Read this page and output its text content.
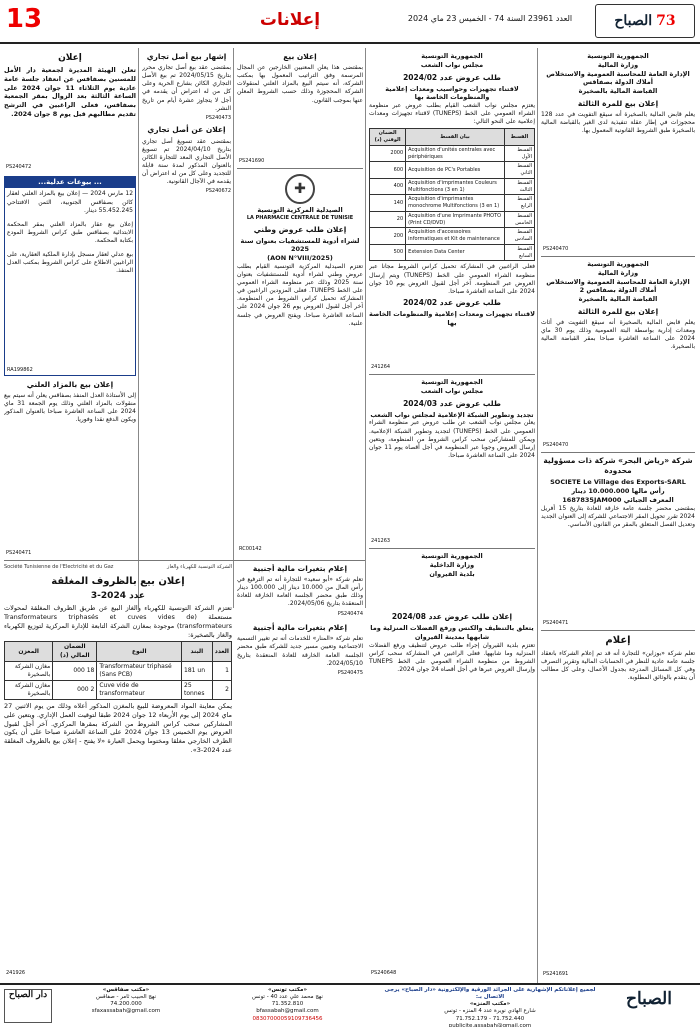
13	إعلانات	العدد 23961 السنة 74 - الخميس 23 ماي 2024	الصباح 73
الجمهورية التونسية
وزارة المالية
الإدارة العامة للمحاسبة العمومية والاستخلاص
أملاك الدولة بصفاقس
القباضة المالية بالصخيرة
إعلان بيع للمرة الثالثة

يعلم قابض المالية بالصخيرة أنه سيقع التفويت في عدد 128 محجوزات في إطار عقلة تنفيذية لدى الغير بالقباضة المالية بالصخيرة طبق الشروط القانونية المعمول بها.

PS240470
الجمهورية التونسية
وزارة المالية
الإدارة العامة للمحاسبة العمومية والاستخلاص
أملاك الدولة بصفاقس 2
القباضة المالية بالصخيرة
إعلان بيع للمرة الثالثة

يعلم قابض المالية بالصخيرة أنه سيقع التفويت في أثاث ومعدات إدارية بواسطة البتة العمومية وذلك يوم 30 ماي 2024 على الساعة العاشرة صباحا بمقر القباضة المالية بالصخيرة.

PS240470
شركة «رياض البحر» شركة ذات مسؤولية محدودة
SOCIETE Le Village des Exports-SARL
رأس مالها 10.000.000 دينار
المعرف الجبائي 1687835JAM000

بمقتضى محضر جلسة عامة خارقة للعادة بتاريخ 15 أفريل 2024 تقرر تحويل المقر الاجتماعي للشركة إلى العنوان الجديد وتعديل الفصل المتعلق بالمقر من القانون الأساسي.

PS240471
إعلام

تعلم شركة «بوزاين» للتجارة أنه قد تم إعلام الشركاء بانعقاد جلسة عامة عادية للنظر في الحسابات المالية وتقرير التصرف وفي كل المسائل المدرجة بجدول الأعمال، وعلى كل مطالب أن يتقدم بالوثائق المطلوبة.

PS241691
الجمهورية التونسية
مجلس نواب الشعب
طلب عروض عدد 2024/02
لاقتناء تجهيزات وحواسيب ومعدات إعلامية والمنظومات الخاصة بها

يعتزم مجلس نواب الشعب القيام بطلب عروض عبر منظومة الشراء العمومي على الخط (TUNEPS) لاقتناء تجهيزات ومعدات إعلامية على النحو التالي:

القسط	بيان القسط	الضمان الوقتي (د)
القسط الأول	Acquisition d'unités centrales avec périphériques	2000
القسط الثاني	Acquisition de PC's Portables	600
القسط الثالث	Acquisition d'imprimantes Couleurs Multifonctions (3 en 1)	400
القسط الرابع	Acquisition d'imprimantes monochrome Multifonctions (3 en 1)	140
القسط الخامس	Acquisition d'une Imprimante PHOTO (Print CD/DVD)	20
القسط السادس	Acquisition d'accessoires informatiques et Kit de maintenance	200
القسط السابع	Extension Data Center	500

فعلى الراغبين في المشاركة تحميل كراس الشروط مجانا عبر منظومة الشراء العمومي على الخط (TUNEPS) ويتم إرسال العروض عبر المنظومة. آخر أجل لقبول العروض يوم 10 جوان 2024 على الساعة العاشرة صباحا.

طلب عروض عدد 2024/02
لاقتناء تجهيزات ومعدات إعلامية والمنظومات الخاصة بها
241264
الجمهورية التونسية
مجلس نواب الشعب
طلب عروض عدد 2024/03
تجديد وتطوير الشبكة الإعلامية لمجلس نواب الشعب

يعلن مجلس نواب الشعب عن طلب عروض عبر منظومة الشراء العمومي على الخط (TUNEPS) لتجديد وتطوير الشبكة الإعلامية. ويمكن للمشاركين سحب كراس الشروط من المنظومة، ويتعين إرسال العروض وجوبا عبر المنظومة في أجل أقصاه يوم 11 جوان 2024 على الساعة العاشرة صباحا.

241263
الجمهورية التونسية
وزارة الداخلية
بلدية القيروان
إعلان بيع

بمقتضى هذا يعلن المعنيين الخارجين عن المجال المرسمة وفق التراتيب المعمول بها بمكتب الشركة، أنه سيتم البيع بالمزاد العلني لمنقولات الشركة المحجوزة وذلك حسب الشروط المعلن عنها بموجب القانون.

PS241690
✚
الصيدلية المركزية التونسية
LA PHARMACIE CENTRALE DE TUNISIE
إعلان طلب عروض وطني
لشراء أدوية للمستشفيات بعنوان سنة 2025
(AON N°VIII/2025)

تعتزم الصيدلية المركزية التونسية القيام بطلب عروض وطني لشراء أدوية للمستشفيات بعنوان سنة 2025 وذلك عبر منظومة الشراء العمومي على الخط TUNEPS. فعلى المزودين الراغبين في المشاركة تحميل كراس الشروط من المنظومة. آخر أجل لقبول العروض يوم 26 جوان 2024 على الساعة العاشرة صباحا. ويفتح العروض في جلسة علنية.

RC00142
إعلان

تعلن الهيئة المديرة لجمعية دار الأمل للمسنين بصفاقس عن انعقاد جلسة عامة عادية يوم الثلاثاء 11 جوان 2024 على الساعة الثالثة بعد الزوال بمقر الجمعية بصفاقس، فعلى الراغبين في الترشح تقديم مطالبهم قبل يوم 8 جوان 2024.

PS240472
... بيوعات عدلية...

12 مارس 2024 — إعلان بيع بالمزاد العلني لعقار كائن بصفاقس الجنوبية، الثمن الافتتاحي 55.452.245 دينار.

إعلان بيع عقار بالمزاد العلني بمقر المحكمة الابتدائية بصفاقس طبق كراس الشروط المودع بكتابة المحكمة.

بيع عدلي لعقار مسجل بإدارة الملكية العقارية، على الراغبين الاطلاع على كراس الشروط بمكتب العدل المنفذ.

RA199862
إعلان بيع بالمزاد العلني

إلى الأستاذة العدل المنفذ بصفاقس يعلن أنه سيتم بيع منقولات بالمزاد العلني وذلك يوم الجمعة 31 ماي 2024 على الساعة العاشرة صباحا بالعنوان المذكور ويكون الدفع نقدا وفوريا.

PS240471
إشهار بيع أصل تجاري

بمقتضى عقد بيع أصل تجاري محرر بتاريخ 2024/05/15 تم بيع الأصل التجاري الكائن بشارع الحرية وعلى كل من له اعتراض أن يقدمه في أجل لا يتجاوز عشرة أيام من تاريخ النشر.

PS240473
إعلان عن أصل تجاري

بمقتضى عقد تسويغ أصل تجاري بتاريخ 2024/04/10 تم تسويغ الأصل التجاري المعد للتجارة الكائن بالعنوان المذكور لمدة سنة قابلة للتجديد وعلى كل من له اعتراض أن يقدمه في الآجال القانونية.

PS240672
الشركة التونسية للكهرباء والغاز
Société Tunisienne de l'Electricité et du Gaz
إعلان بيع بالظروف المغلقة
عدد 2024-3

تعتزم الشركة التونسية للكهرباء والغاز البيع عن طريق الظروف المغلقة لمحولات مستعملة (Transformateurs triphasés et cuves vides de transformateurs) موجودة بمغازن الشركة التابعة للإدارة المركزية لتوزيع الكهرباء والغاز بالصخيرة:

العدد	البند	النوع	الضمان المالي (د)	المغزن
1	181 un	Transformateur triphasé (Sans PCB)	18 000	مغازن الشركة بالصخيرة
2	25 tonnes	Cuve vide de transformateur	2 000	مغازن الشركة بالصخيرة

يمكن معاينة المواد المعروضة للبيع بالمغزن المذكور أعلاه وذلك من يوم الاثنين 27 ماي 2024 إلى يوم الأربعاء 12 جوان 2024 طبقا لتوقيت العمل الإداري. ويتعين على المشاركين سحب كراس الشروط من الشركة بمقرها المركزي. آخر أجل لقبول العروض يوم الخميس 13 جوان 2024 على الساعة العاشرة صباحا على أن يكون الظرف الخارجي مغلقا ومختوما ويحمل العبارة «لا يفتح - إعلان بيع بالظروف المغلقة عدد 2024-3».

241926
إعلام بتغيرات مالية أجنبية

تعلم شركة «أبو سعيد» للتجارة أنه تم الترفيع في رأس المال من 10.000 دينار إلى 100.000 دينار وذلك طبق محضر الجلسة العامة الخارقة للعادة المنعقدة بتاريخ 2024/05/06.

PS240474
إعلام بتغيرات مالية أجنبية

تعلم شركة «المنار» للخدمات أنه تم تغيير التسمية الاجتماعية وتعيين مسير جديد للشركة طبق محضر الجلسة العامة الخارقة للعادة المنعقدة بتاريخ 2024/05/10.

PS240475
إعلان طلب عروض عدد 2024/08
يتعلق بالتنظيف والكنس ورفع الفضلات المنزلية وما شابهها بمدينة القيروان

تعتزم بلدية القيروان إجراء طلب عروض لتنظيف ورفع الفضلات المنزلية وما شابهها. فعلى الراغبين في المشاركة سحب كراس الشروط من منظومة الشراء العمومي على الخط TUNEPS وإرسال العروض عبرها في أجل أقصاه 24 جوان 2024.

PS240648
الصباح
لجميع إعلاناتكم الإشهارية على الجرائد الورقية والإلكترونية «دار الصباح» يرجى الاتصال بـ:
«مكتب المنزه»
شارع الهادي نويرة عدد 4 المنزه - تونس
71.752.440 - 71.752.179
publicite.assabah@gmail.com
«مكتب تونس»
نهج محمد علي عدد 40 - تونس
71.352.810
bfassabah@gmail.com
08307000059109736456
«مكتب صفاقس»
نهج الحبيب ثامر - صفاقس
74.200.000
sfaxassabah@gmail.com
دار الصباح
